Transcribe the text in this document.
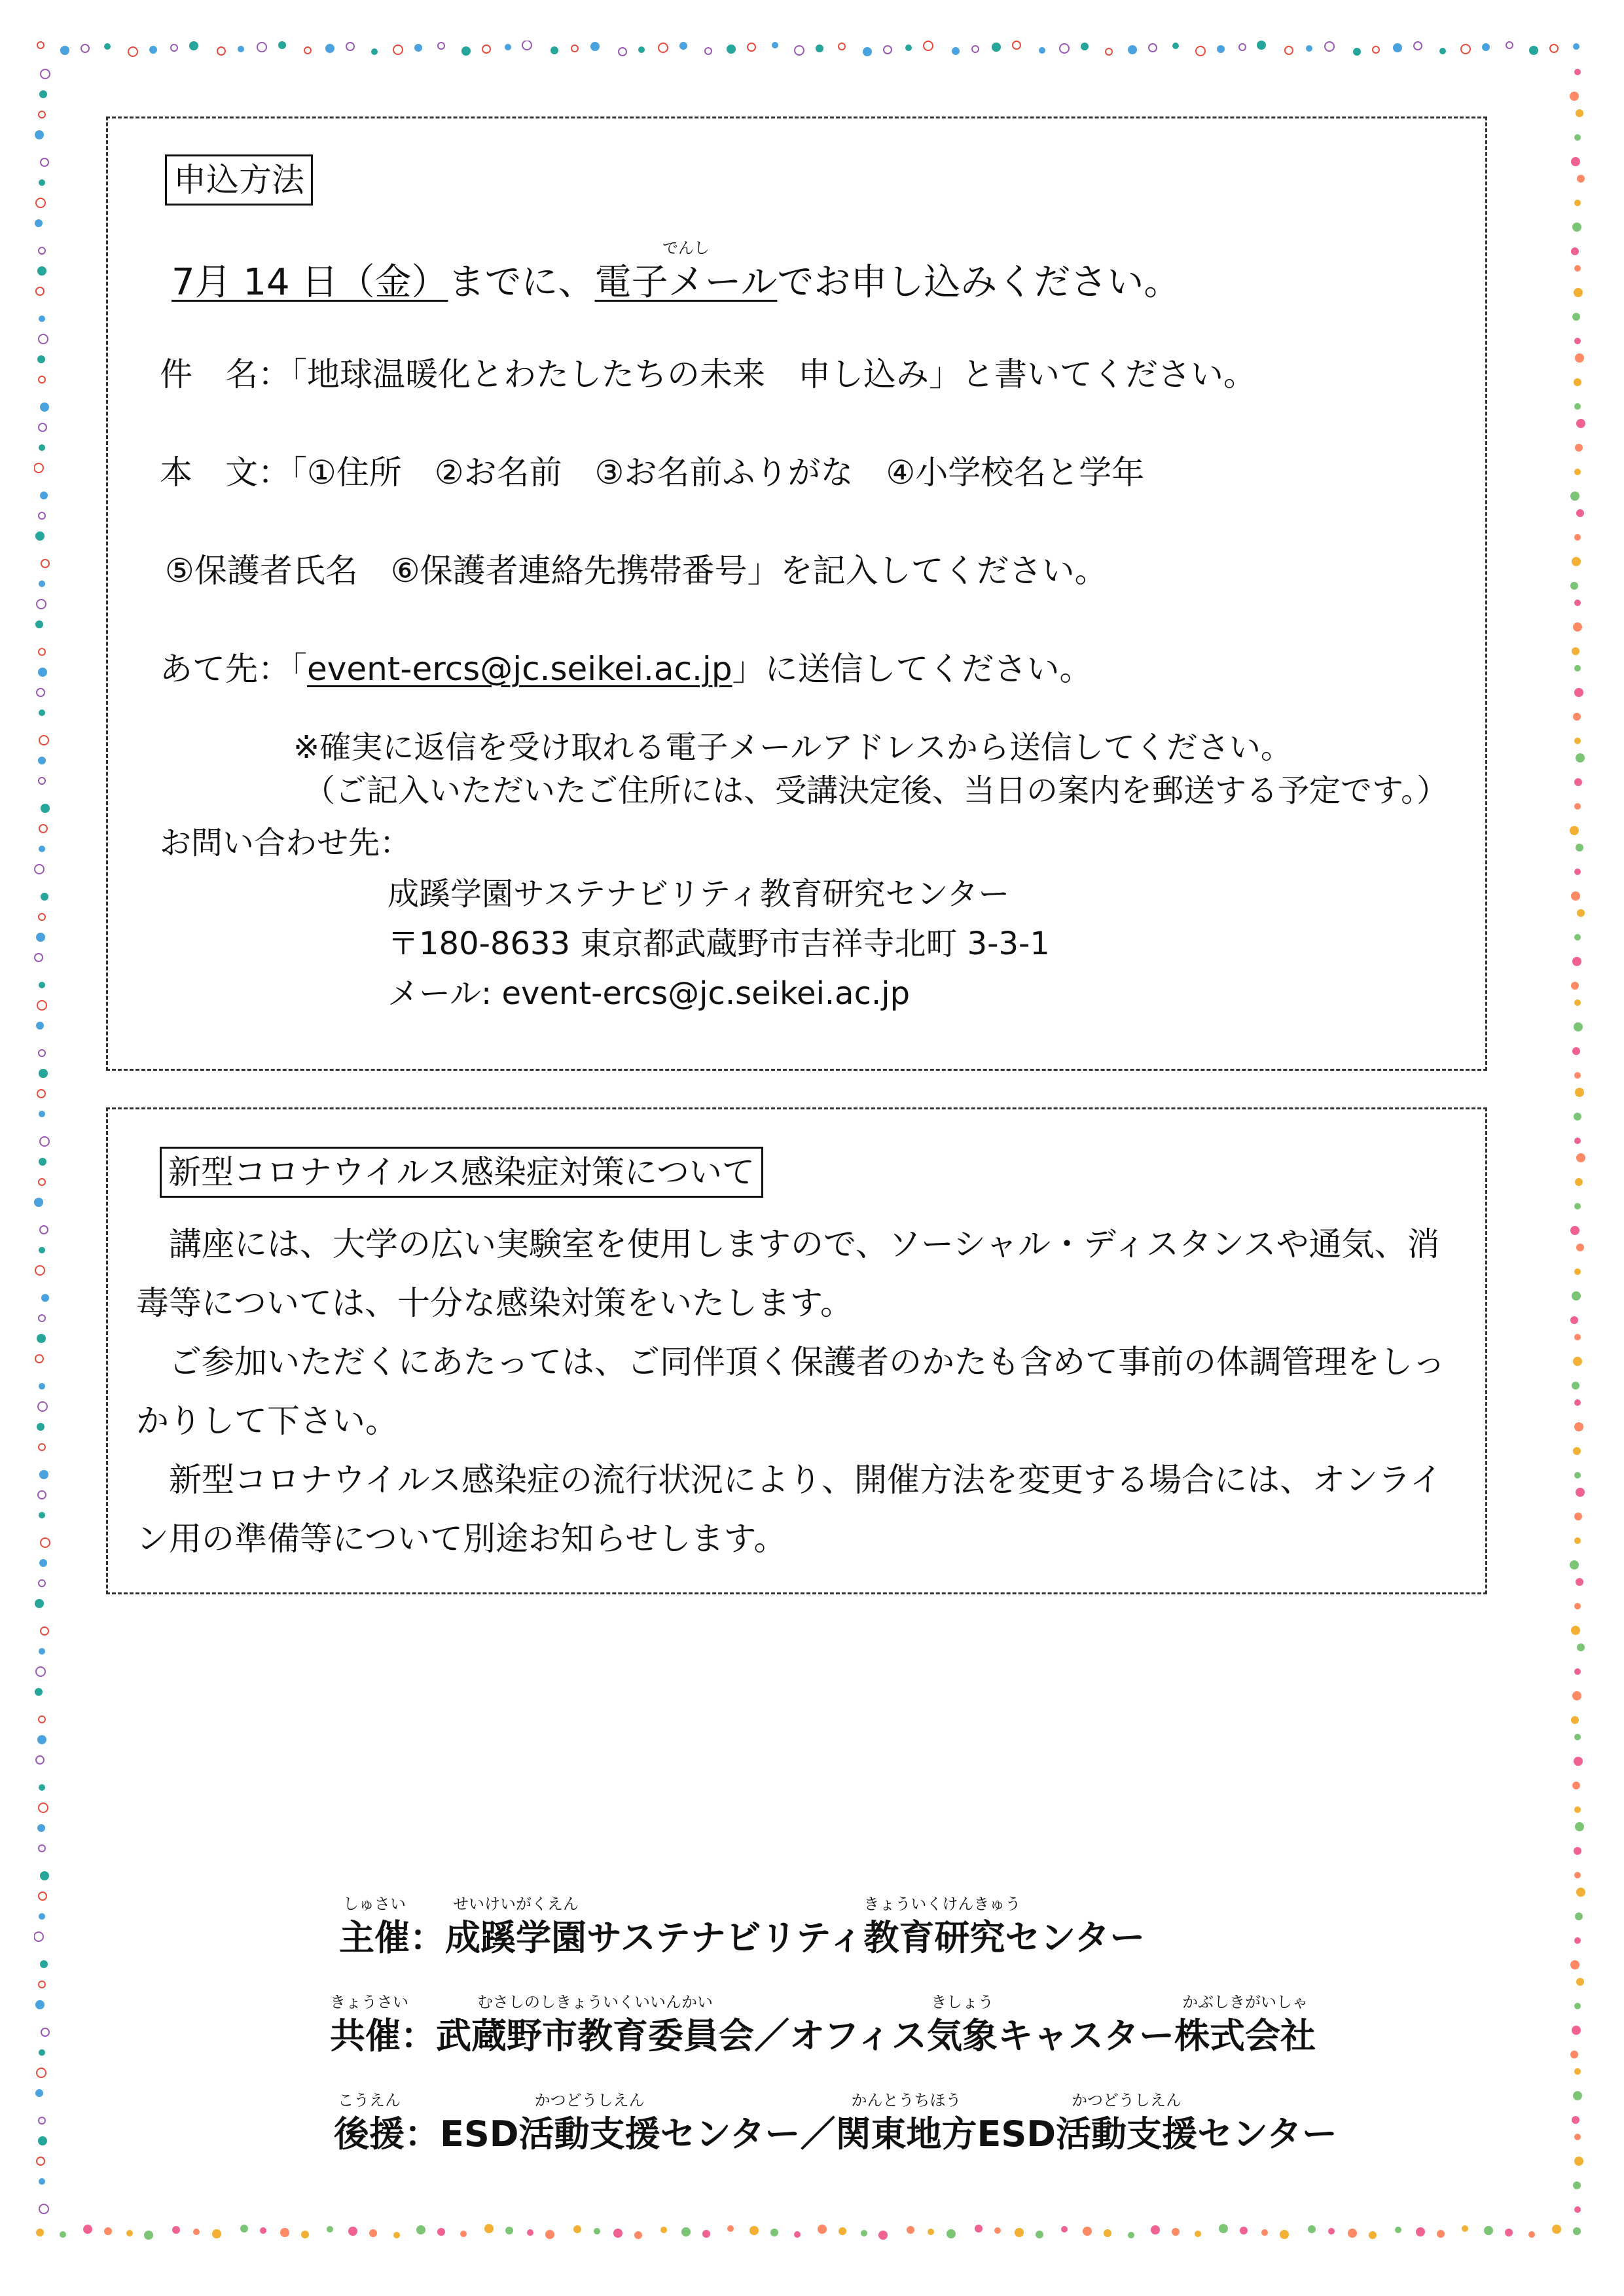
申込方法
7月 14 日（金）までに、
でんし
電子メールでお申し込みください。
件　名：「地球温暖化とわたしたちの未来　申し込み」と書いてください。
本　文：「①住所　②お名前　③お名前ふりがな　④小学校名と学年
⑤保護者氏名　⑥保護者連絡先携帯番号」を記入してください。
あて先：「event-ercs@jc.seikei.ac.jp」に送信してください。
※確実に返信を受け取れる電子メールアドレスから送信してください。
（ご記入いただいたご住所には、受講決定後、当日の案内を郵送する予定です。）
お問い合わせ先：
成蹊学園サステナビリティ教育研究センター
〒180-8633 東京都武蔵野市吉祥寺北町 3-3-1
メール: event-ercs@jc.seikei.ac.jp
新型コロナウイルス感染症対策について
講座には、大学の広い実験室を使用しますので、ソーシャル・ディスタンスや通気、消毒等については、十分な感染対策をいたします。
ご参加いただくにあたっては、ご同伴頂く保護者のかたも含めて事前の体調管理をしっかりして下さい。
新型コロナウイルス感染症の流行状況により、開催方法を変更する場合には、オンライン用の準備等について別途お知らせします。
しゅさい
主催：
せいけいがくえん
成蹊学園サステナビリティ
きょういくけんきゅう
教育研究センター
きょうさい
共催：
むさしのしきょういくいいんかい
武蔵野市教育委員会／オフィス
きしょう
気象キャスター
かぶしきがいしゃ
株式会社
こうえん
後援：ESD
かつどうしえん
活動支援センター／
かんとうちほう
関東地方ESD
かつどうしえん
活動支援センター
